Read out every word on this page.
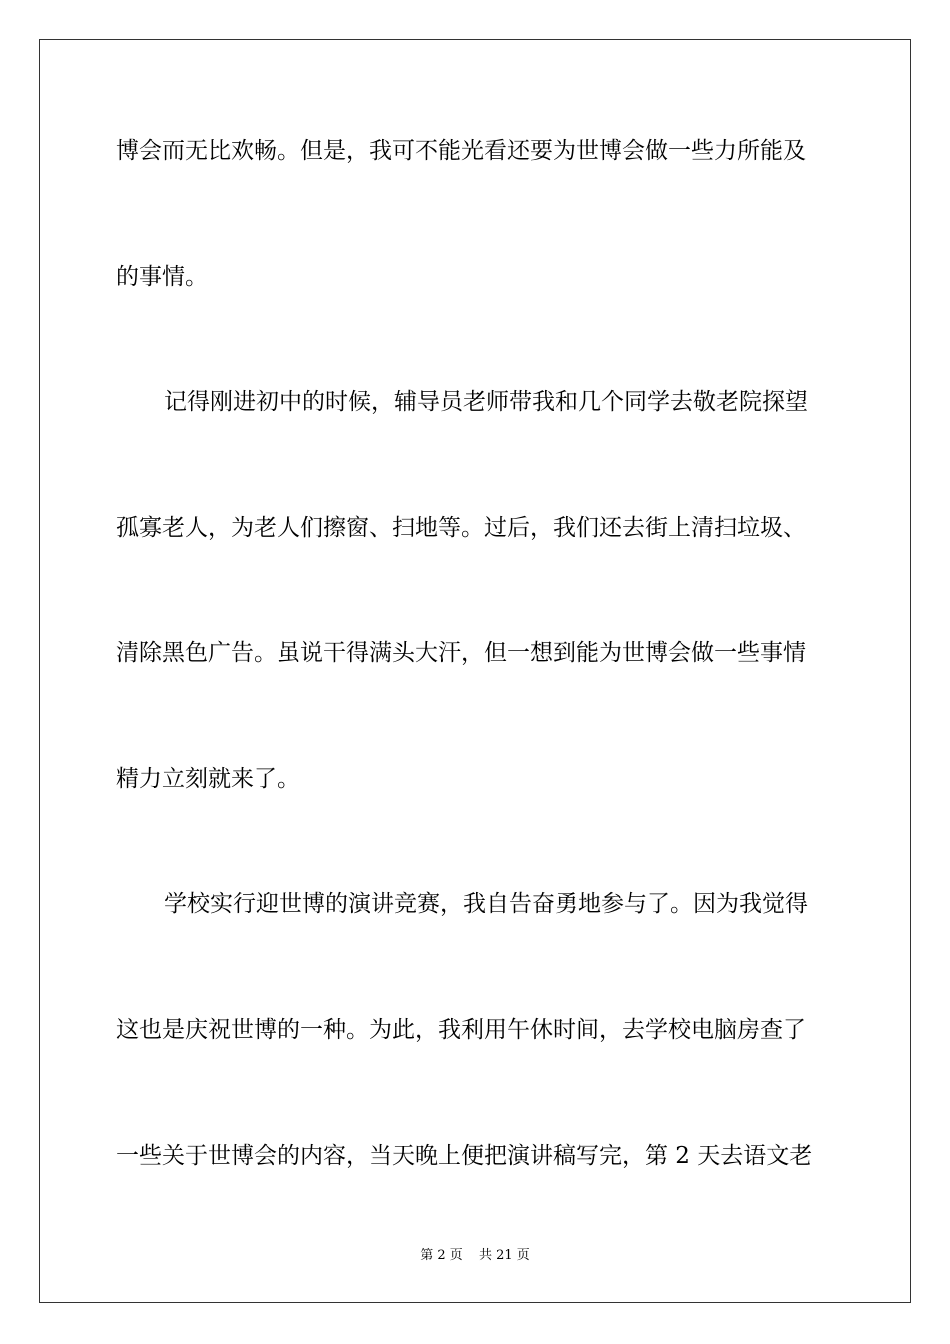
博会而无比欢畅。但是，我可不能光看还要为世博会做一些力所能及
的事情。
记得刚进初中的时候，辅导员老师带我和几个同学去敬老院探望
孤寡老人，为老人们擦窗、扫地等。过后，我们还去街上清扫垃圾、
清除黑色广告。虽说干得满头大汗，但一想到能为世博会做一些事情
精力立刻就来了。
学校实行迎世博的演讲竞赛，我自告奋勇地参与了。因为我觉得
这也是庆祝世博的一种。为此，我利用午休时间，去学校电脑房查了
一些关于世博会的内容，当天晚上便把演讲稿写完，第 2 天去语文老
第 2 页 共 21 页
